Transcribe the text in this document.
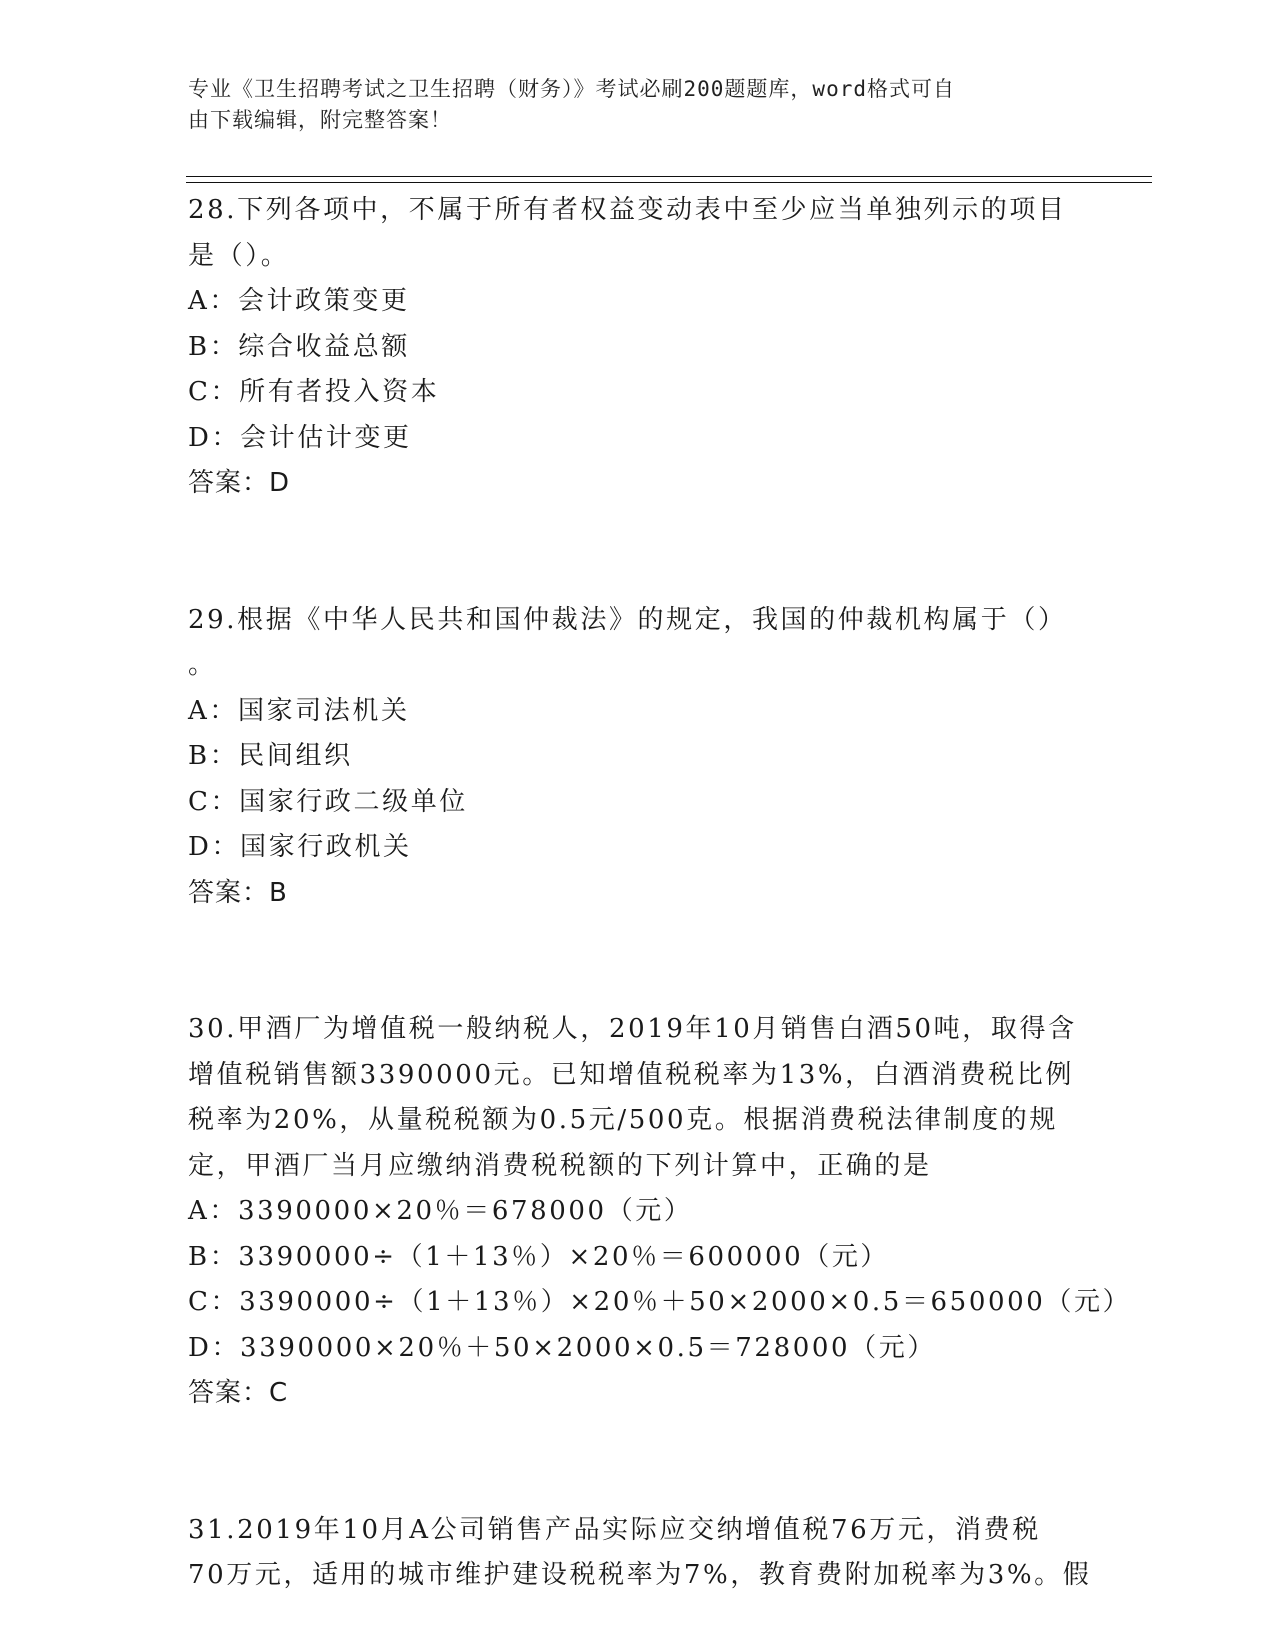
专业《卫生招聘考试之卫生招聘（财务）》考试必刷200题题库，word格式可自
由下载编辑，附完整答案！
28.下列各项中，不属于所有者权益变动表中至少应当单独列示的项目
是（）。
A：会计政策变更
B：综合收益总额
C：所有者投入资本
D：会计估计变更
答案：D
29.根据《中华人民共和国仲裁法》的规定，我国的仲裁机构属于（）
。
A：国家司法机关
B：民间组织
C：国家行政二级单位
D：国家行政机关
答案：B
30.甲酒厂为增值税一般纳税人，2019年10月销售白酒50吨，取得含
增值税销售额3390000元。已知增值税税率为13%，白酒消费税比例
税率为20%，从量税税额为0.5元/500克。根据消费税法律制度的规
定，甲酒厂当月应缴纳消费税税额的下列计算中，正确的是
A：3390000×20％＝678000（元）
B：3390000÷（1＋13％）×20％＝600000（元）
C：3390000÷（1＋13％）×20％＋50×2000×0.5＝650000（元）
D：3390000×20％＋50×2000×0.5＝728000（元）
答案：C
31.2019年10月A公司销售产品实际应交纳增值税76万元，消费税
70万元，适用的城市维护建设税税率为7%，教育费附加税率为3%。假
